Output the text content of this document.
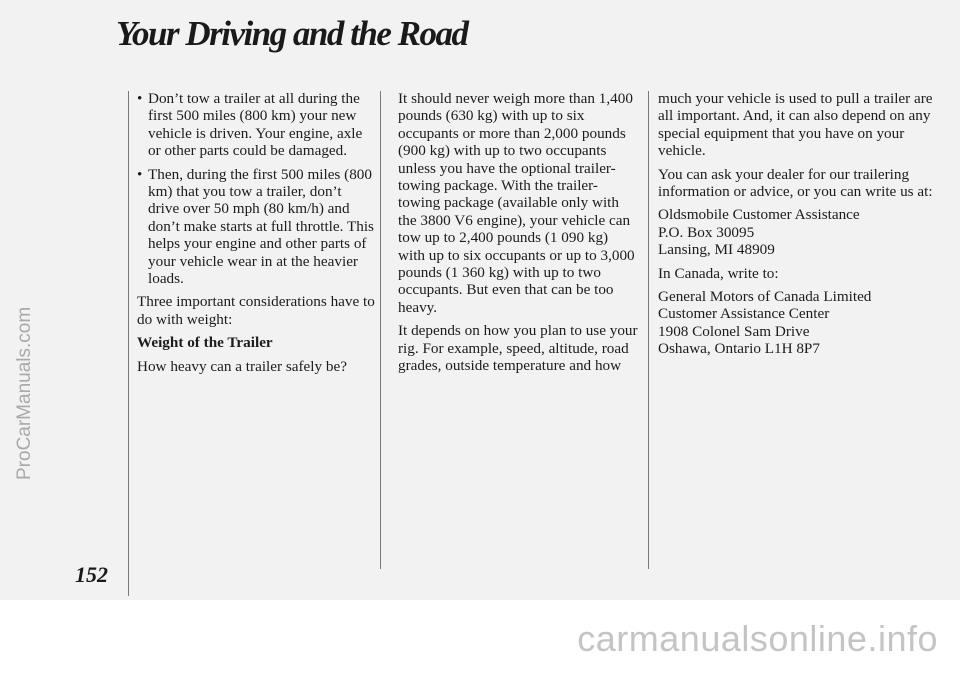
Your Driving and the Road
ProCarManuals.com
• Don’t tow a trailer at all during the first 500 miles (800 km) your new vehicle is driven. Your engine, axle or other parts could be damaged.
• Then, during the first 500 miles (800 km) that you tow a trailer, don’t drive over 50 mph (80 km/h) and don’t make starts at full throttle. This helps your engine and other parts of your vehicle wear in at the heavier loads.

Three important considerations have to do with weight:

Weight of the Trailer

How heavy can a trailer safely be?

It should never weigh more than 1,400 pounds (630 kg) with up to six occupants or more than 2,000 pounds (900 kg) with up to two occupants unless you have the optional trailer-towing package. With the trailer-towing package (available only with the 3800 V6 engine), your vehicle can tow up to 2,400 pounds (1 090 kg) with up to six occupants or up to 3,000 pounds (1 360 kg) with up to two occupants. But even that can be too heavy.

It depends on how you plan to use your rig. For example, speed, altitude, road grades, outside temperature and how

much your vehicle is used to pull a trailer are all important. And, it can also depend on any special equipment that you have on your vehicle.

You can ask your dealer for our trailering information or advice, or you can write us at:

Oldsmobile Customer Assistance
P.O. Box 30095
Lansing, MI 48909

In Canada, write to:

General Motors of Canada Limited
Customer Assistance Center
1908 Colonel Sam Drive
Oshawa, Ontario L1H 8P7
152
carmanualsonline.info
